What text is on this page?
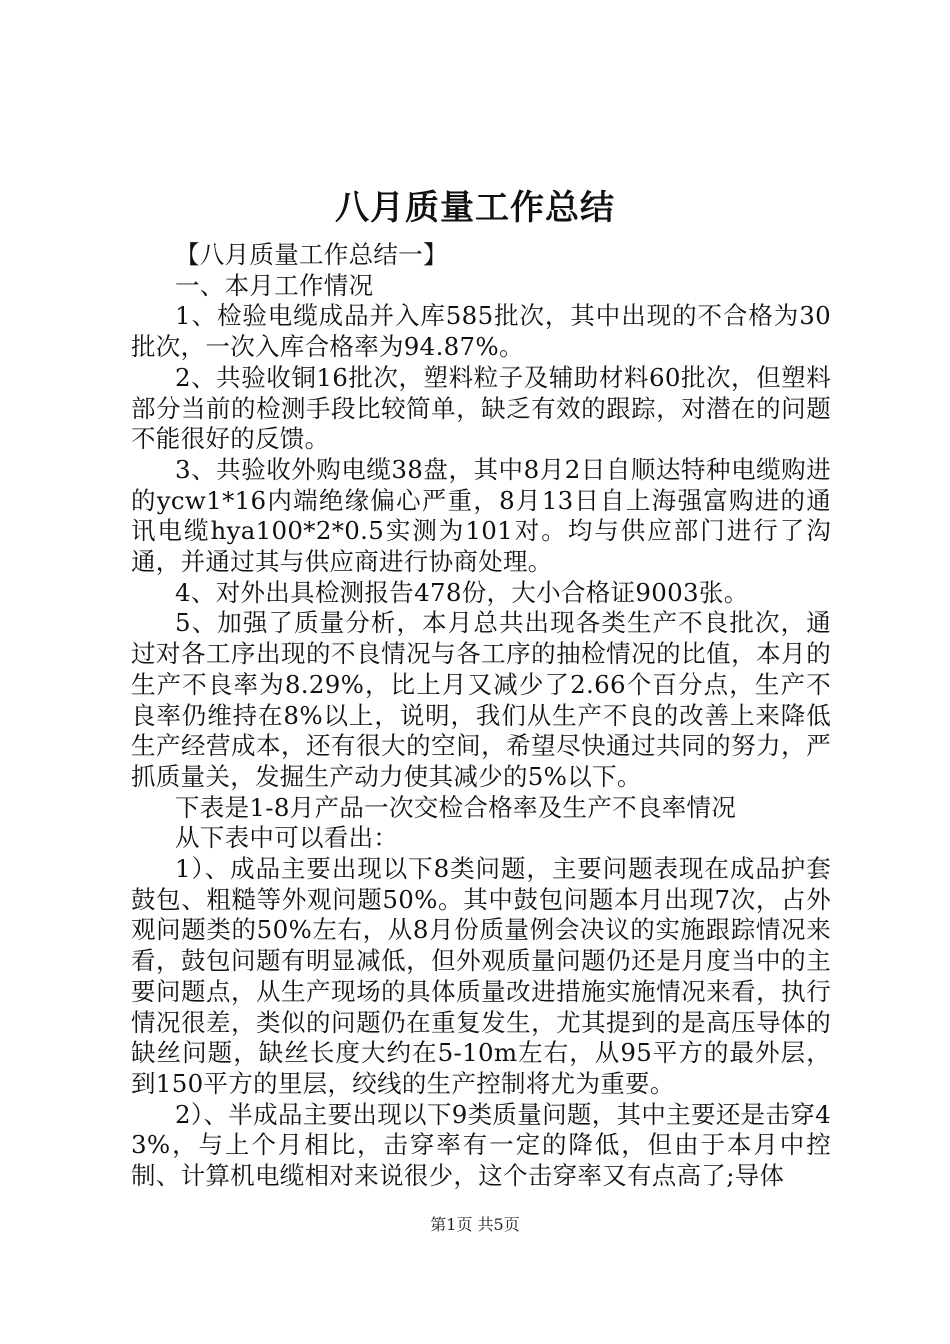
八月质量工作总结

【八月质量工作总结一】

一、本月工作情况

1、检验电缆成品并入库585批次，其中出现的不合格为30批次，一次入库合格率为94.87%。

2、共验收铜16批次，塑料粒子及辅助材料60批次，但塑料部分当前的检测手段比较简单，缺乏有效的跟踪，对潜在的问题不能很好的反馈。

3、共验收外购电缆38盘，其中8月2日自顺达特种电缆购进的ycw1*16内端绝缘偏心严重，8月13日自上海强富购进的通讯电缆hya100*2*0.5实测为101对。均与供应部门进行了沟通，并通过其与供应商进行协商处理。

4、对外出具检测报告478份，大小合格证9003张。

5、加强了质量分析，本月总共出现各类生产不良批次，通过对各工序出现的不良情况与各工序的抽检情况的比值，本月的生产不良率为8.29%，比上月又减少了2.66个百分点，生产不良率仍维持在8%以上，说明，我们从生产不良的改善上来降低生产经营成本，还有很大的空间，希望尽快通过共同的努力，严抓质量关，发掘生产动力使其减少的5%以下。

下表是1-8月产品一次交检合格率及生产不良率情况

从下表中可以看出：

1）、成品主要出现以下8类问题，主要问题表现在成品护套鼓包、粗糙等外观问题50%。其中鼓包问题本月出现7次，占外观问题类的50%左右，从8月份质量例会决议的实施跟踪情况来看，鼓包问题有明显减低，但外观质量问题仍还是月度当中的主要问题点，从生产现场的具体质量改进措施实施情况来看，执行情况很差，类似的问题仍在重复发生，尤其提到的是高压导体的缺丝问题，缺丝长度大约在5-10m左右，从95平方的最外层，到150平方的里层，绞线的生产控制将尤为重要。

2）、半成品主要出现以下9类质量问题，其中主要还是击穿43%，与上个月相比，击穿率有一定的降低，但由于本月中控制、计算机电缆相对来说很少，这个击穿率又有点高了;导体

第1页 共5页
